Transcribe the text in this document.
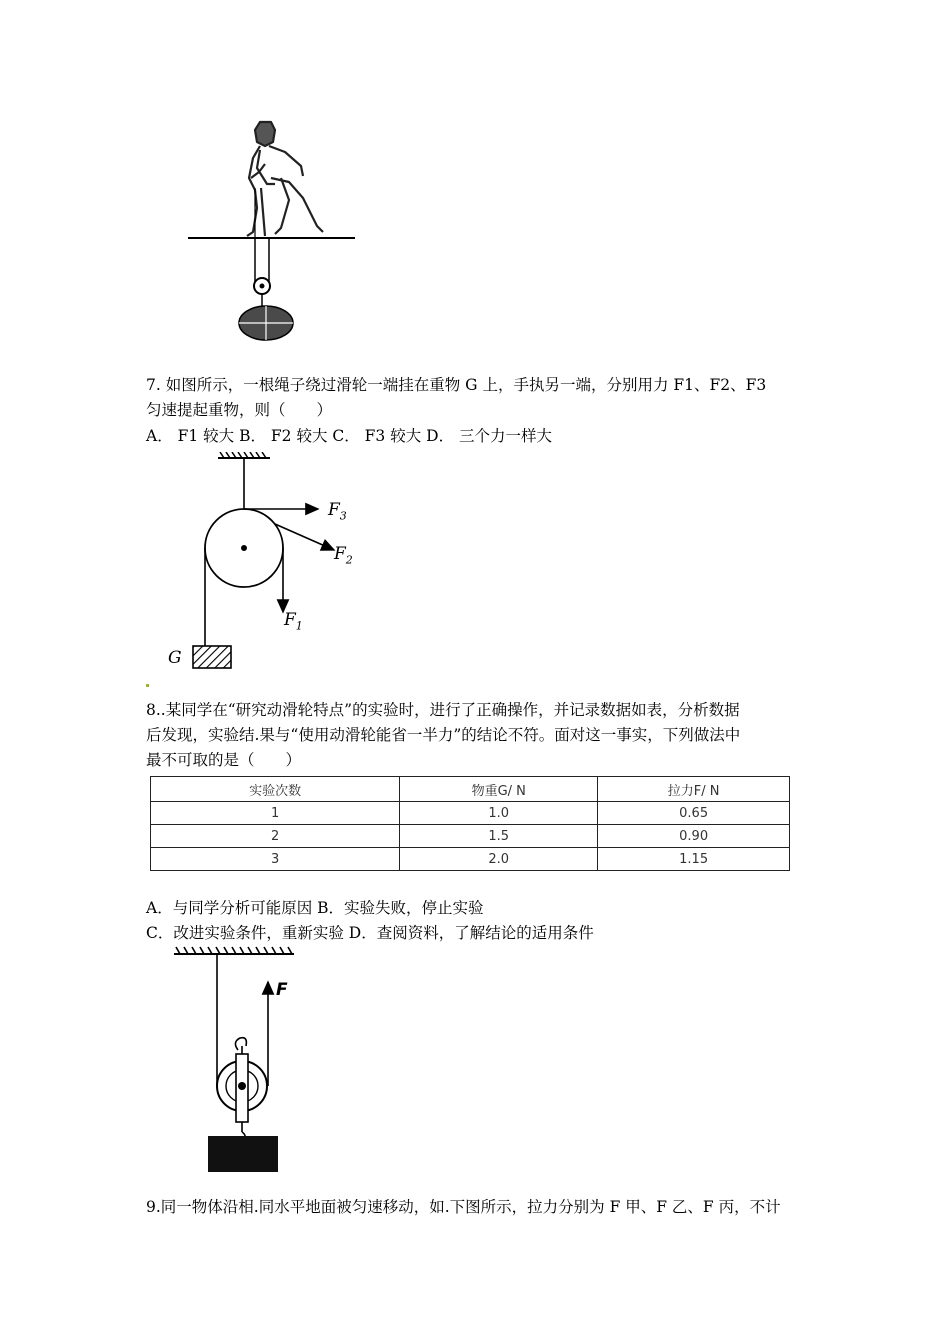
7. 如图所示，一根绳子绕过滑轮一端挂在重物 G 上，手执另一端，分别用力 F1、F2、F3
匀速提起重物，则（　　）
A． F1 较大 B． F2 较大 C． F3 较大 D． 三个力一样大
$F_3$
$F_2$
$F_1$
G
8..某同学在“研究动滑轮特点”的实验时，进行了正确操作，并记录数据如表，分析数据
后发现，实验结.果与“使用动滑轮能省一半力”的结论不符。面对这一事实，下列做法中
最不可取的是（　　）
实验次数	物重G/ N	拉力F/ N
1	1.0	0.65
2	1.5	0.90
3	2.0	1.15
A．与同学分析可能原因 B．实验失败，停止实验
C．改进实验条件，重新实验 D．查阅资料，了解结论的适用条件
F
9.同一物体沿相.同水平地面被匀速移动，如.下图所示，拉力分别为 F 甲、F 乙、F 丙，不计
